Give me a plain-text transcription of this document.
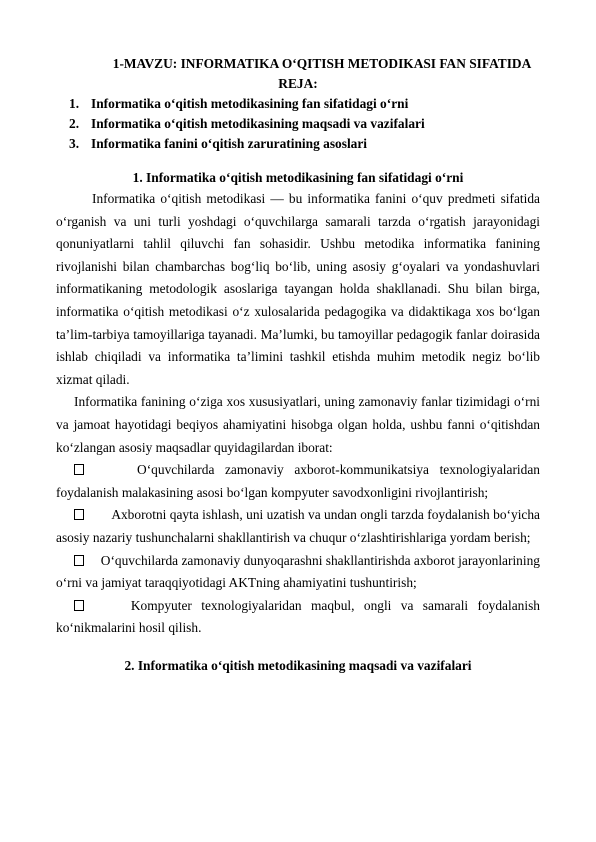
1-MAVZU: INFORMATIKA O‘QITISH METODIKASI FAN SIFATIDA
REJA:
1. Informatika o‘qitish metodikasining fan sifatidagi o‘rni
2. Informatika o‘qitish metodikasining maqsadi va vazifalari
3. Informatika fanini o‘qitish zaruratining asoslari
1. Informatika o‘qitish metodikasining fan sifatidagi o‘rni

Informatika o‘qitish metodikasi — bu informatika fanini o‘quv predmeti sifatida o‘rganish va uni turli yoshdagi o‘quvchilarga samarali tarzda o‘rgatish jarayonidagi qonuniyatlarni tahlil qiluvchi fan sohasidir. Ushbu metodika informatika fanining rivojlanishi bilan chambarchas bog‘liq bo‘lib, uning asosiy g‘oyalari va yondashuvlari informatikaning metodologik asoslariga tayangan holda shakllanadi. Shu bilan birga, informatika o‘qitish metodikasi o‘z xulosalarida pedagogika va didaktikaga xos bo‘lgan ta’lim-tarbiya tamoyillariga tayanadi. Ma’lumki, bu tamoyillar pedagogik fanlar doirasida ishlab chiqiladi va informatika ta’limini tashkil etishda muhim metodik negiz bo‘lib xizmat qiladi.

Informatika fanining o‘ziga xos xususiyatlari, uning zamonaviy fanlar tizimidagi o‘rni va jamoat hayotidagi beqiyos ahamiyatini hisobga olgan holda, ushbu fanni o‘qitishdan ko‘zlangan asosiy maqsadlar quyidagilardan iborat:

O‘quvchilarda zamonaviy axborot-kommunikatsiya texnologiyalaridan foydalanish malakasining asosi bo‘lgan kompyuter savodxonligini rivojlantirish;

Axborotni qayta ishlash, uni uzatish va undan ongli tarzda foydalanish bo‘yicha asosiy nazariy tushunchalarni shakllantirish va chuqur o‘zlashtirishlariga yordam berish;

O‘quvchilarda zamonaviy dunyoqarashni shakllantirishda axborot jarayonlarining o‘rni va jamiyat taraqqiyotidagi AKTning ahamiyatini tushuntirish;

Kompyuter texnologiyalaridan maqbul, ongli va samarali foydalanish ko‘nikmalarini hosil qilish.

2. Informatika o‘qitish metodikasining maqsadi va vazifalari
